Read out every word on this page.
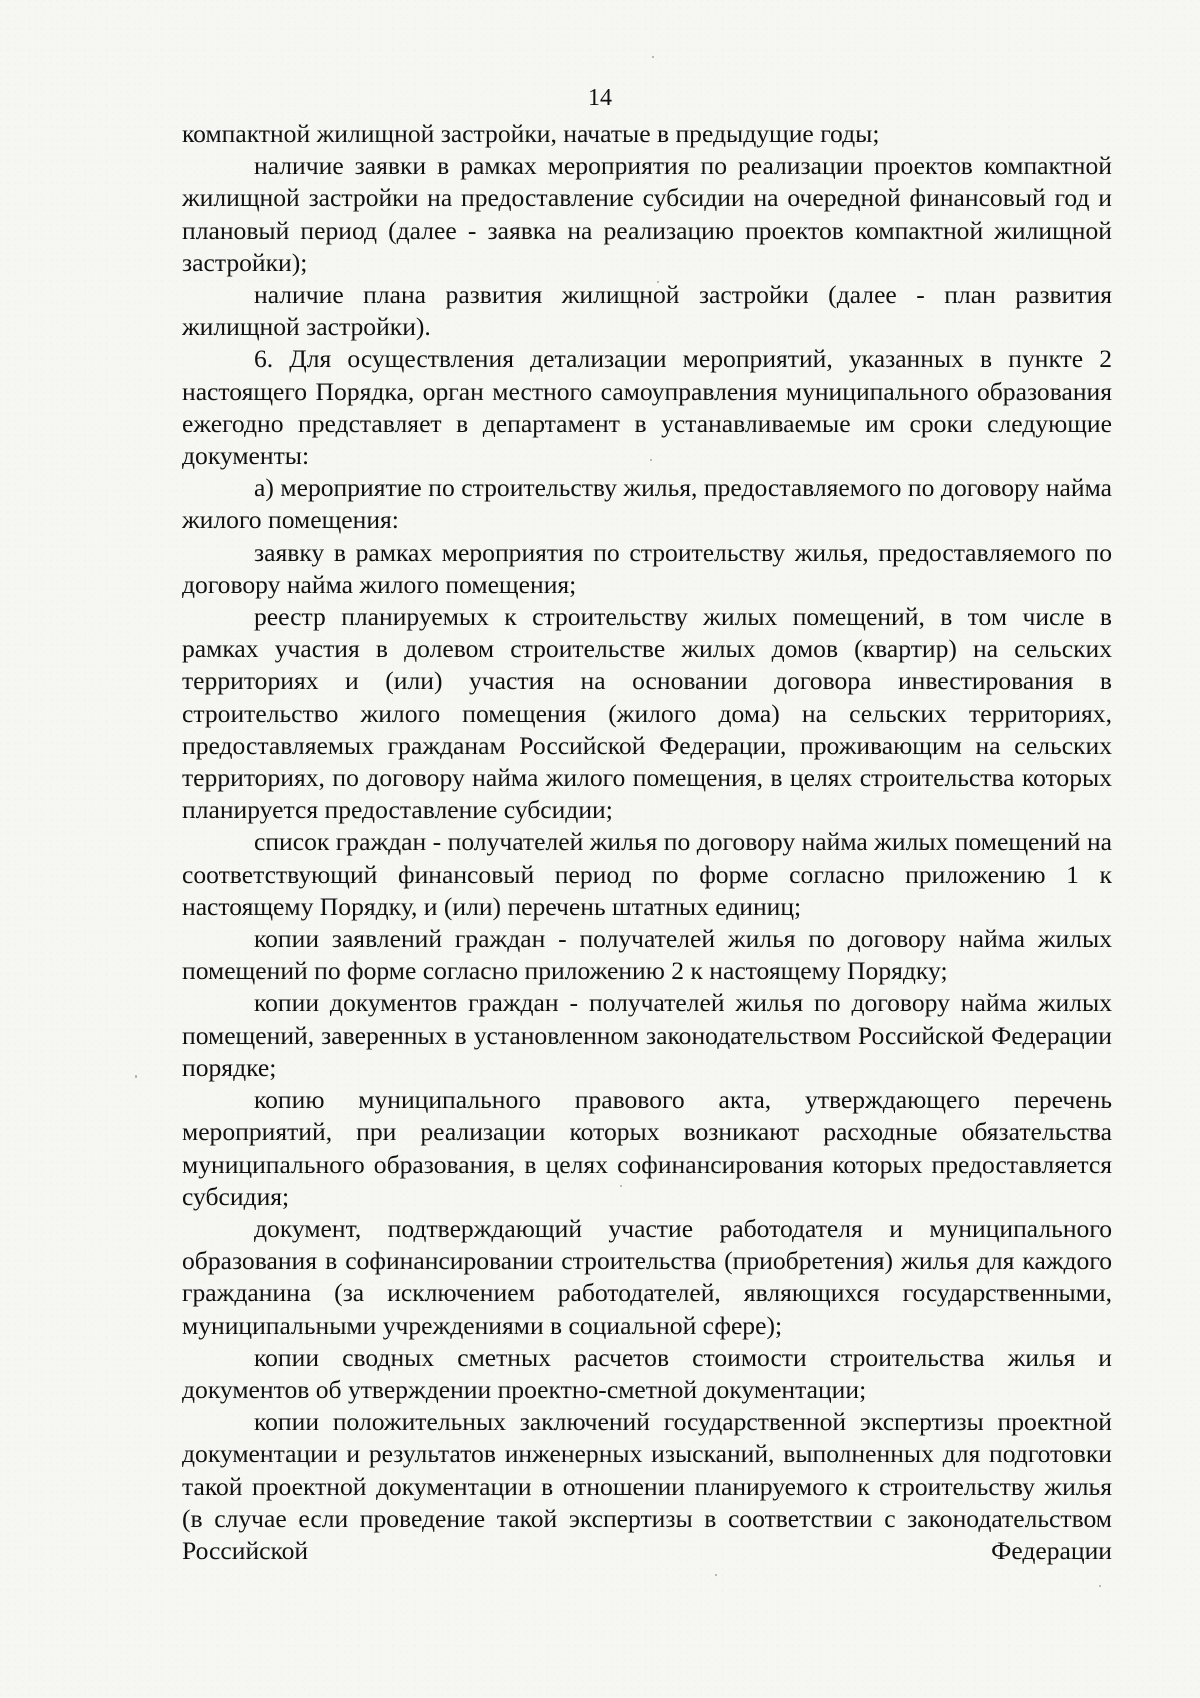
14

компактной жилищной застройки, начатые в предыдущие годы;

наличие заявки в рамках мероприятия по реализации проектов компактной жилищной застройки на предоставление субсидии на очередной финансовый год и плановый период (далее - заявка на реализацию проектов компактной жилищной застройки);

наличие плана развития жилищной застройки (далее - план развития жилищной застройки).

6. Для осуществления детализации мероприятий, указанных в пункте 2 настоящего Порядка, орган местного самоуправления муниципального образования ежегодно представляет в департамент в устанавливаемые им сроки следующие документы:

а) мероприятие по строительству жилья, предоставляемого по договору найма жилого помещения:

заявку в рамках мероприятия по строительству жилья, предоставляемого по договору найма жилого помещения;

реестр планируемых к строительству жилых помещений, в том числе в рамках участия в долевом строительстве жилых домов (квартир) на сельских территориях и (или) участия на основании договора инвестирования в строительство жилого помещения (жилого дома) на сельских территориях, предоставляемых гражданам Российской Федерации, проживающим на сельских территориях, по договору найма жилого помещения, в целях строительства которых планируется предоставление субсидии;

список граждан - получателей жилья по договору найма жилых помещений на соответствующий финансовый период по форме согласно приложению 1 к настоящему Порядку, и (или) перечень штатных единиц;

копии заявлений граждан - получателей жилья по договору найма жилых помещений по форме согласно приложению 2 к настоящему Порядку;

копии документов граждан - получателей жилья по договору найма жилых помещений, заверенных в установленном законодательством Российской Федерации порядке;

копию муниципального правового акта, утверждающего перечень мероприятий, при реализации которых возникают расходные обязательства муниципального образования, в целях софинансирования которых предоставляется субсидия;

документ, подтверждающий участие работодателя и муниципального образования в софинансировании строительства (приобретения) жилья для каждого гражданина (за исключением работодателей, являющихся государственными, муниципальными учреждениями в социальной сфере);

копии сводных сметных расчетов стоимости строительства жилья и документов об утверждении проектно-сметной документации;

копии положительных заключений государственной экспертизы проектной документации и результатов инженерных изысканий, выполненных для подготовки такой проектной документации в отношении планируемого к строительству жилья (в случае если проведение такой экспертизы в соответствии с законодательством Российской Федерации
